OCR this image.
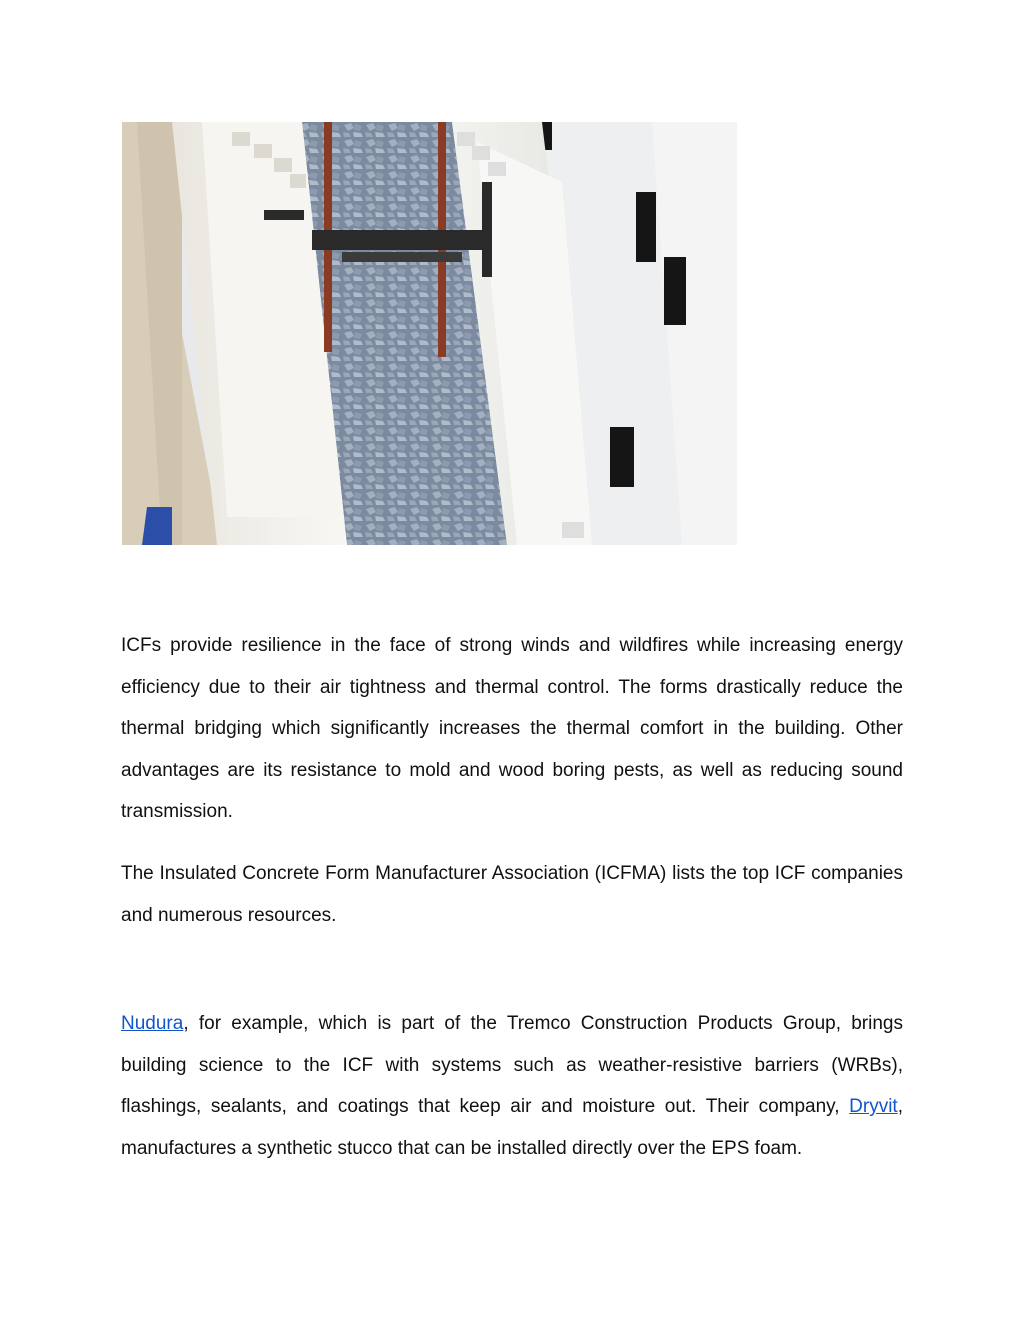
ICFs provide resilience in the face of strong winds and wildfires while increasing energy efficiency due to their air tightness and thermal control. The forms drastically reduce the thermal bridging which significantly increases the thermal comfort in the building. Other advantages are its resistance to mold and wood boring pests, as well as reducing sound transmission.

The Insulated Concrete Form Manufacturer Association (ICFMA) lists the top ICF companies and numerous resources.

Nudura, for example, which is part of the Tremco Construction Products Group, brings building science to the ICF with systems such as weather-resistive barriers (WRBs), flashings, sealants, and coatings that keep air and moisture out. Their company, Dryvit, manufactures a synthetic stucco that can be installed directly over the EPS foam.
